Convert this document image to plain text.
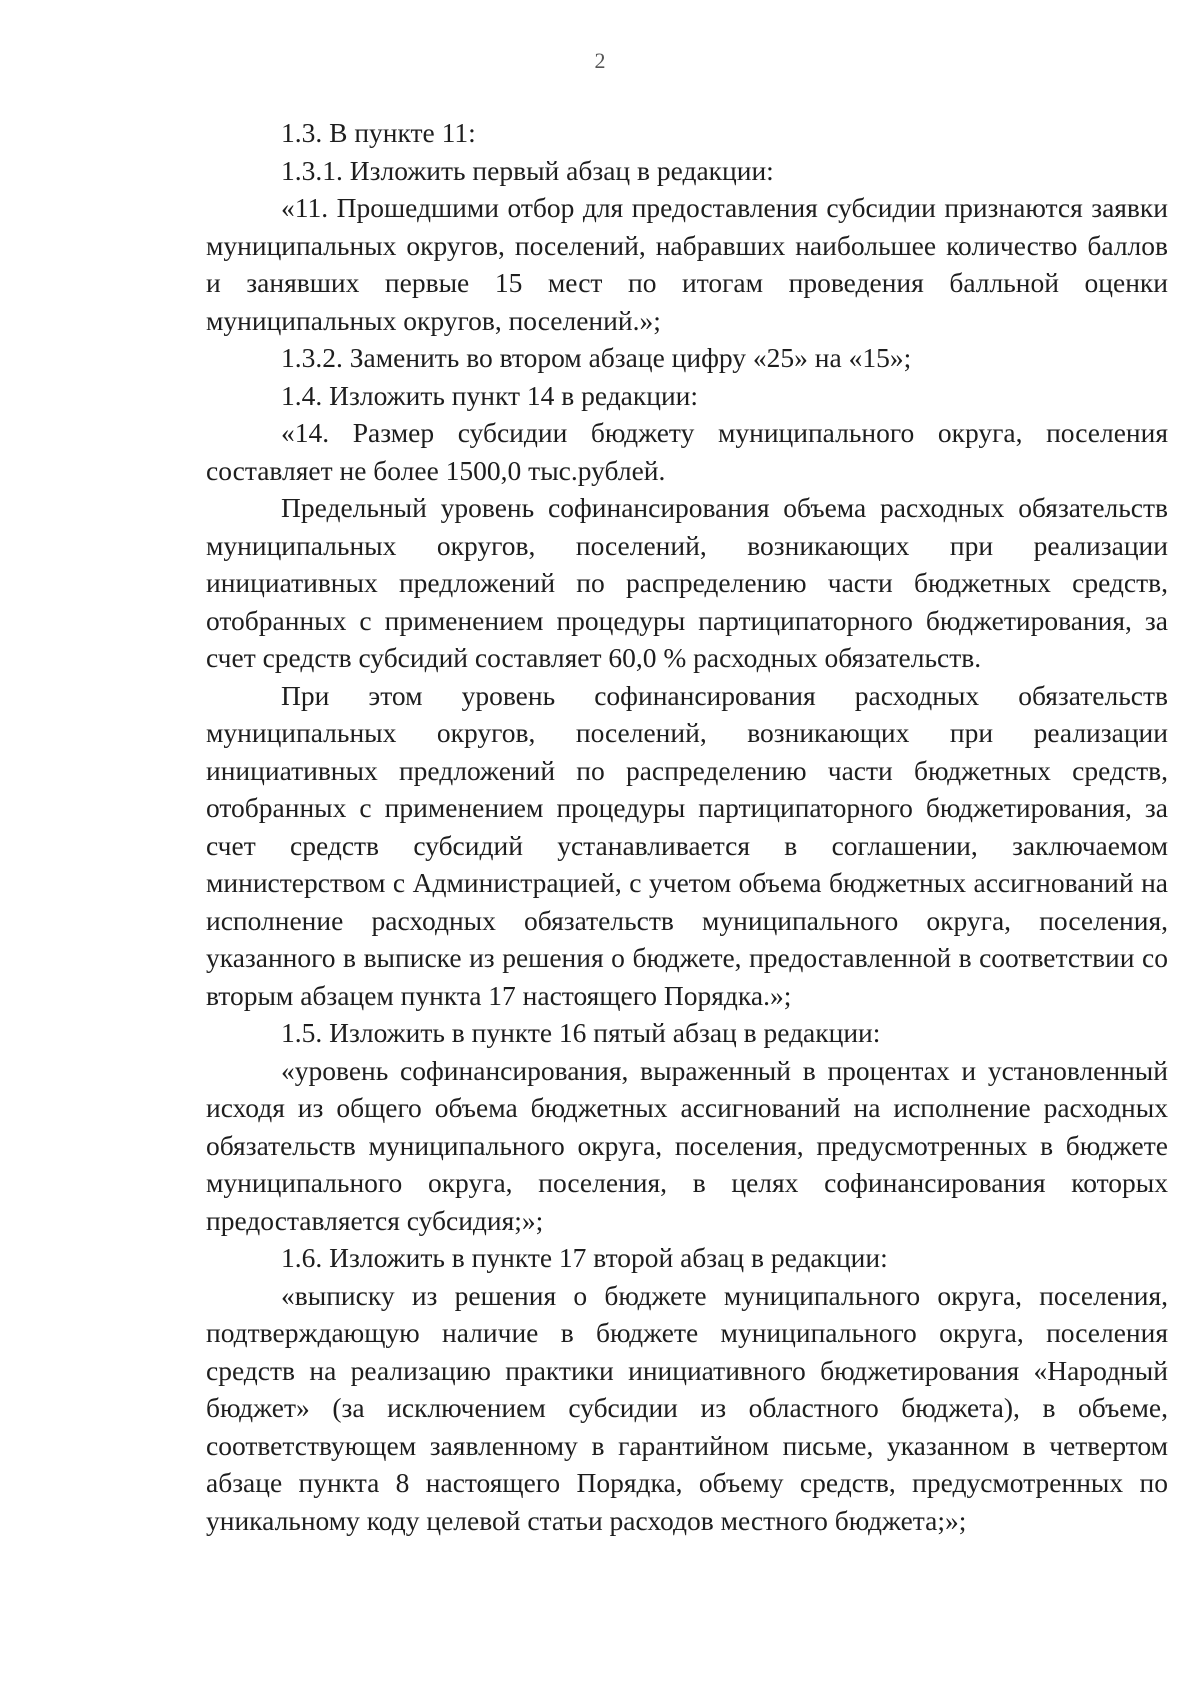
2

1.3. В пункте 11:

1.3.1. Изложить первый абзац в редакции:

«11. Прошедшими отбор для предоставления субсидии признаются заявки муниципальных округов, поселений, набравших наибольшее количество баллов и занявших первые 15 мест по итогам проведения балльной оценки муниципальных округов, поселений.»;

1.3.2. Заменить во втором абзаце цифру «25» на «15»;

1.4. Изложить пункт 14 в редакции:

«14. Размер субсидии бюджету муниципального округа, поселения составляет не более 1500,0 тыс.рублей.

Предельный уровень софинансирования объема расходных обязательств муниципальных округов, поселений, возникающих при реализации инициативных предложений по распределению части бюджетных средств, отобранных с применением процедуры партиципаторного бюджетирования, за счет средств субсидий составляет 60,0 % расходных обязательств.

При этом уровень софинансирования расходных обязательств муниципальных округов, поселений, возникающих при реализации инициативных предложений по распределению части бюджетных средств, отобранных с применением процедуры партиципаторного бюджетирования, за счет средств субсидий устанавливается в соглашении, заключаемом министерством с Администрацией, с учетом объема бюджетных ассигнований на исполнение расходных обязательств муниципального округа, поселения, указанного в выписке из решения о бюджете, предоставленной в соответствии со вторым абзацем пункта 17 настоящего Порядка.»;

1.5. Изложить в пункте 16 пятый абзац в редакции:

«уровень софинансирования, выраженный в процентах и установленный исходя из общего объема бюджетных ассигнований на исполнение расходных обязательств муниципального округа, поселения, предусмотренных в бюджете муниципального округа, поселения, в целях софинансирования которых предоставляется субсидия;»;

1.6. Изложить в пункте 17 второй абзац в редакции:

«выписку из решения о бюджете муниципального округа, поселения, подтверждающую наличие в бюджете муниципального округа, поселения средств на реализацию практики инициативного бюджетирования «Народный бюджет» (за исключением субсидии из областного бюджета), в объеме, соответствующем заявленному в гарантийном письме, указанном в четвертом абзаце пункта 8 настоящего Порядка, объему средств, предусмотренных по уникальному коду целевой статьи расходов местного бюджета;»;
